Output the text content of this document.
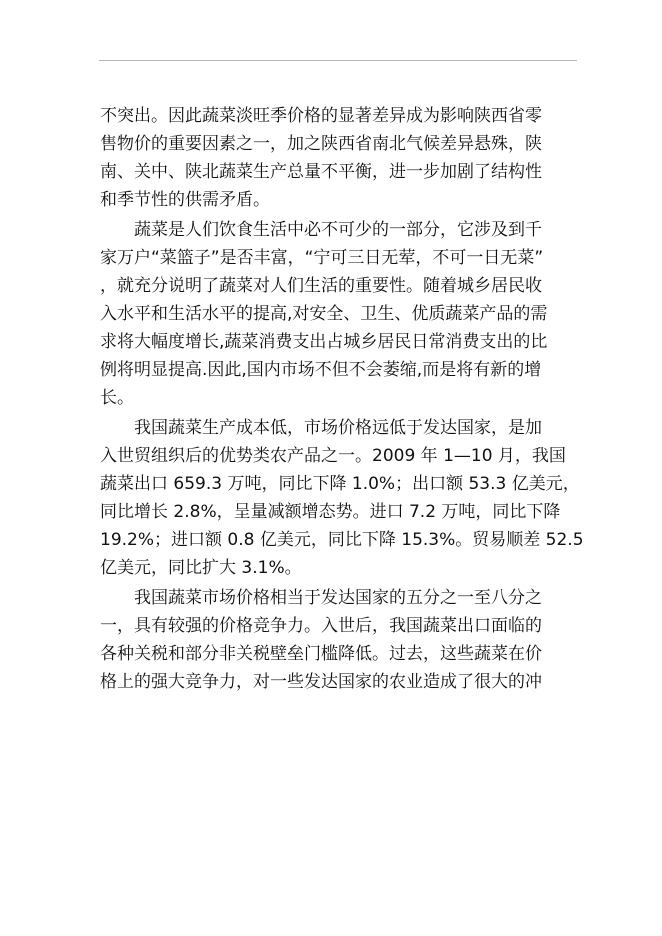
不突出。因此蔬菜淡旺季价格的显著差异成为影响陕西省零
售物价的重要因素之一，加之陕西省南北气候差异悬殊，陕
南、关中、陕北蔬菜生产总量不平衡，进一步加剧了结构性
和季节性的供需矛盾。

蔬菜是人们饮食生活中必不可少的一部分，它涉及到千
家万户“菜篮子”是否丰富，“宁可三日无荤，不可一日无菜”
，就充分说明了蔬菜对人们生活的重要性。随着城乡居民收
入水平和生活水平的提高,对安全、卫生、优质蔬菜产品的需
求将大幅度增长,蔬菜消费支出占城乡居民日常消费支出的比
例将明显提高.因此,国内市场不但不会萎缩,而是将有新的增
长。

我国蔬菜生产成本低，市场价格远低于发达国家，是加
入世贸组织后的优势类农产品之一。2009 年 1—10 月，我国
蔬菜出口 659.3 万吨，同比下降 1.0%；出口额 53.3 亿美元，
同比增长 2.8%，呈量减额增态势。进口 7.2 万吨，同比下降
19.2%；进口额 0.8 亿美元，同比下降 15.3%。贸易顺差 52.5
亿美元，同比扩大 3.1%。

我国蔬菜市场价格相当于发达国家的五分之一至八分之
一，具有较强的价格竞争力。入世后，我国蔬菜出口面临的
各种关税和部分非关税壁垒门槛降低。过去，这些蔬菜在价
格上的强大竞争力，对一些发达国家的农业造成了很大的冲
